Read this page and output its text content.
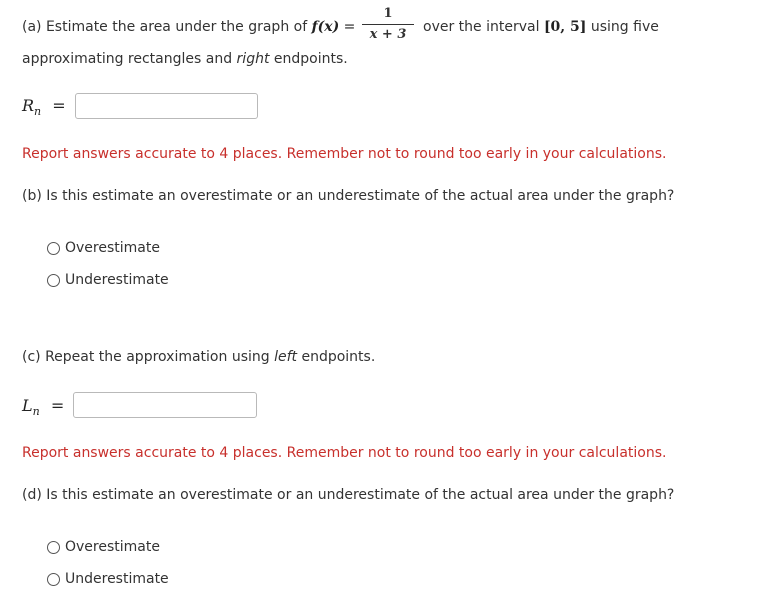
(a) Estimate the area under the graph of f(x) =
1
x + 3	over the interval [0, 5] using five
approximating rectangles and right endpoints.
$R_n$ =
Report answers accurate to 4 places. Remember not to round too early in your calculations.
(b) Is this estimate an overestimate or an underestimate of the actual area under the graph?
Overestimate
Underestimate
(c) Repeat the approximation using left endpoints.
$L_n$ =
Report answers accurate to 4 places. Remember not to round too early in your calculations.
(d) Is this estimate an overestimate or an underestimate of the actual area under the graph?
Overestimate
Underestimate
